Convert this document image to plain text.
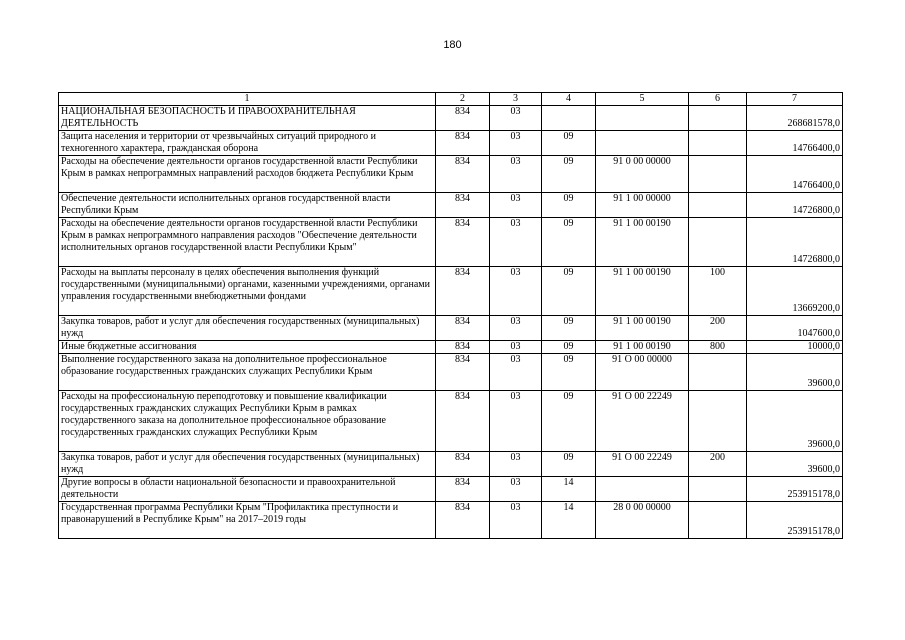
180
1	2	3	4	5	6	7
НАЦИОНАЛЬНАЯ БЕЗОПАСНОСТЬ И ПРАВООХРАНИТЕЛЬНАЯ ДЕЯТЕЛЬНОСТЬ	834	03				268681578,0
Защита населения и территории от чрезвычайных ситуаций природного и техногенного характера, гражданская оборона	834	03	09			14766400,0
Расходы на обеспечение деятельности органов государственной власти Республики Крым в рамках непрограммных направлений расходов бюджета Республики Крым	834	03	09	91 0 00 00000		14766400,0
Обеспечение деятельности исполнительных органов государственной власти Республики Крым	834	03	09	91 1 00 00000		14726800,0
Расходы на обеспечение деятельности органов государственной власти Республики Крым в рамках непрограммного направления расходов "Обеспечение деятельности исполнительных органов государственной власти Республики Крым"	834	03	09	91 1 00 00190		14726800,0
Расходы на выплаты персоналу в целях обеспечения выполнения функций государственными (муниципальными) органами, казенными учреждениями, органами управления государственными внебюджетными фондами	834	03	09	91 1 00 00190	100	13669200,0
Закупка товаров, работ и услуг для обеспечения государственных (муниципальных) нужд	834	03	09	91 1 00 00190	200	1047600,0
Иные бюджетные ассигнования	834	03	09	91 1 00 00190	800	10000,0
Выполнение государственного заказа на дополнительное профессиональное образование государственных гражданских служащих Республики Крым	834	03	09	91 О 00 00000		39600,0
Расходы на профессиональную переподготовку и повышение квалификации государственных гражданских служащих Республики Крым в рамках государственного заказа на дополнительное профессиональное образование государственных гражданских служащих Республики Крым	834	03	09	91 О 00 22249		39600,0
Закупка товаров, работ и услуг для обеспечения государственных (муниципальных) нужд	834	03	09	91 О 00 22249	200	39600,0
Другие вопросы в области национальной безопасности и правоохранительной деятельности	834	03	14			253915178,0
Государственная программа Республики Крым "Профилактика преступности и правонарушений в Республике Крым" на 2017–2019 годы	834	03	14	28 0 00 00000		253915178,0
